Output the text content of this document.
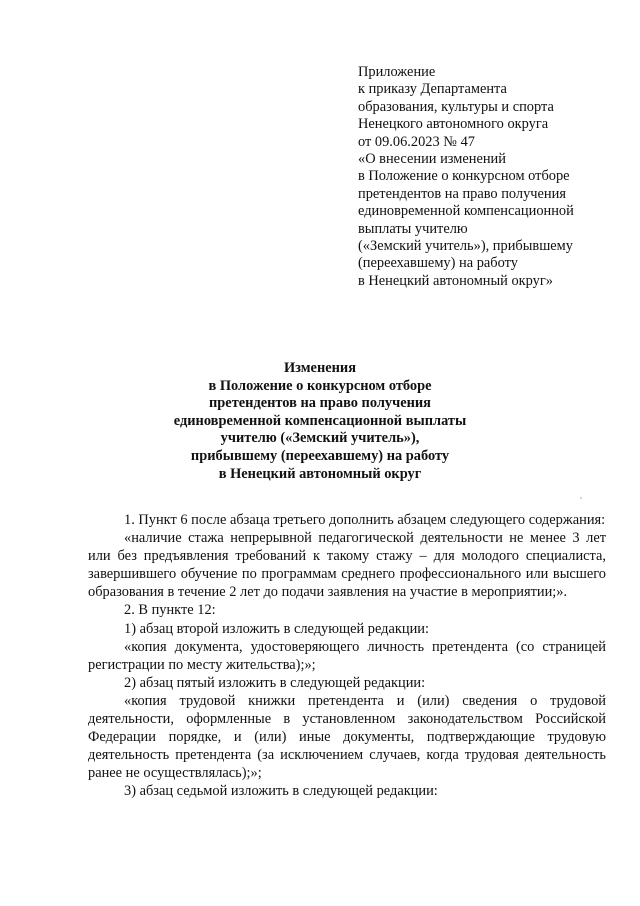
Приложение
к приказу Департамента
образования, культуры и спорта
Ненецкого автономного округа
от 09.06.2023 № 47
«О внесении изменений
в Положение о конкурсном отборе
претендентов на право получения
единовременной компенсационной
выплаты учителю
(«Земский учитель»), прибывшему
(переехавшему) на работу
в Ненецкий автономный округ»
Изменения
в Положение о конкурсном отборе
претендентов на право получения
единовременной компенсационной выплаты
учителю («Земский учитель»),
прибывшему (переехавшему) на работу
в Ненецкий автономный округ

1. Пункт 6 после абзаца третьего дополнить абзацем следующего содержания:

«наличие стажа непрерывной педагогической деятельности не менее 3 лет или без предъявления требований к такому стажу – для молодого специалиста, завершившего обучение по программам среднего профессионального или высшего образования в течение 2 лет до подачи заявления на участие в мероприятии;».

2. В пункте 12:

1) абзац второй изложить в следующей редакции:

«копия документа, удостоверяющего личность претендента (со страницей регистрации по месту жительства);»;

2) абзац пятый изложить в следующей редакции:

«копия трудовой книжки претендента и (или) сведения о трудовой деятельности, оформленные в установленном законодательством Российской Федерации порядке, и (или) иные документы, подтверждающие трудовую деятельность претендента (за исключением случаев, когда трудовая деятельность ранее не осуществлялась);»;

3) абзац седьмой изложить в следующей редакции:
